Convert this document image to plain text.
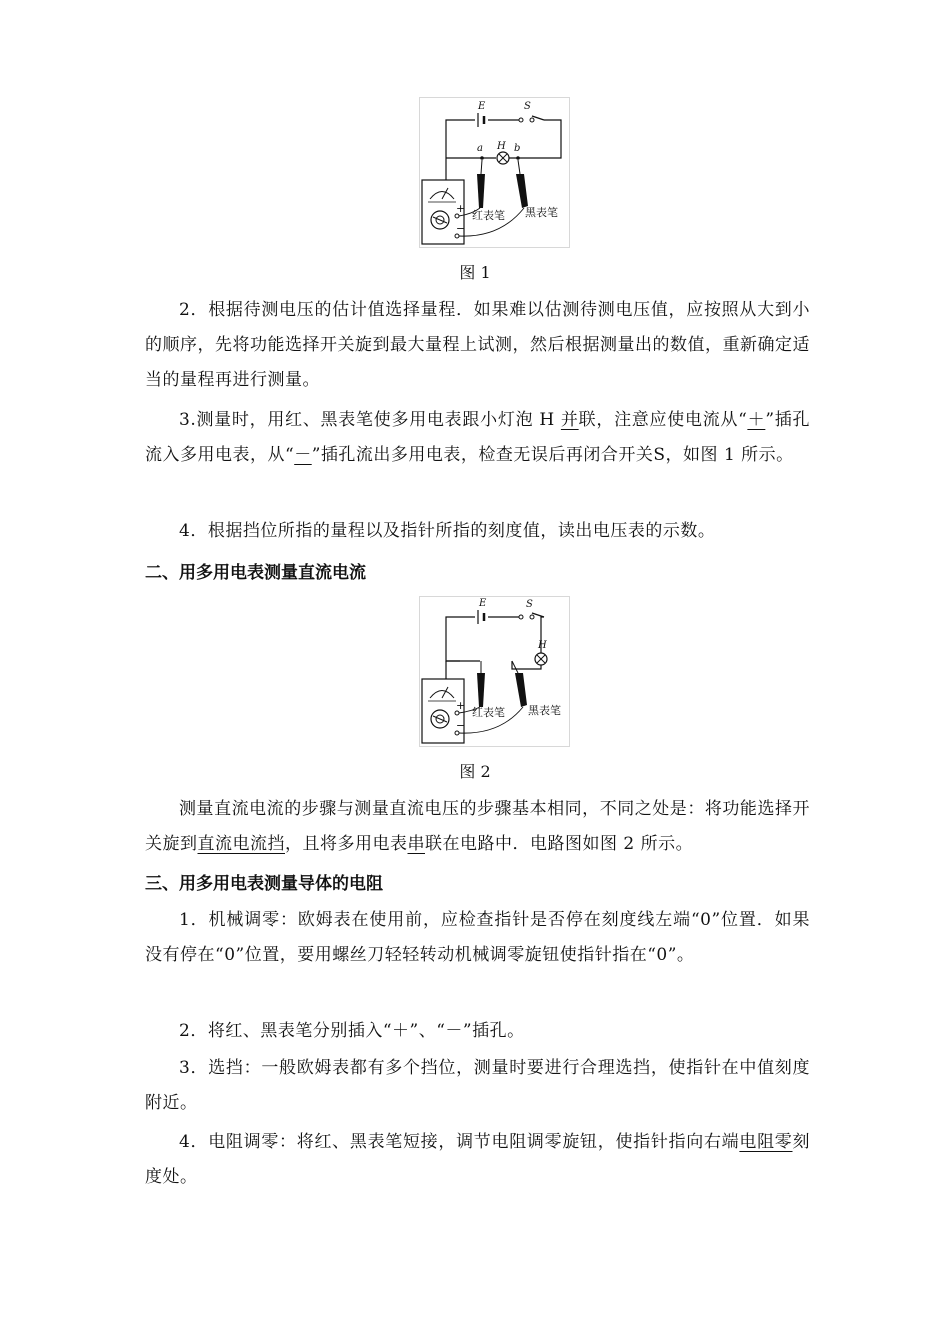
E	S
H
a	b
+
−
红表笔 黑表笔
图 1
2．根据待测电压的估计值选择量程．如果难以估测待测电压值，应按照从大到小的顺序，先将功能选择开关旋到最大量程上试测，然后根据测量出的数值，重新确定适当的量程再进行测量。
3.测量时，用红、黑表笔使多用电表跟小灯泡 H 并联，注意应使电流从“＋”插孔流入多用电表，从“－”插孔流出多用电表，检查无误后再闭合开关S，如图 1 所示。
4．根据挡位所指的量程以及指针所指的刻度值，读出电压表的示数。
二、用多用电表测量直流电流
E	S
H
+
−
红表笔 黑表笔
图 2
测量直流电流的步骤与测量直流电压的步骤基本相同，不同之处是：将功能选择开关旋到直流电流挡，且将多用电表串联在电路中．电路图如图 2 所示。
三、用多用电表测量导体的电阻
1．机械调零：欧姆表在使用前，应检查指针是否停在刻度线左端“0”位置．如果没有停在“0”位置，要用螺丝刀轻轻转动机械调零旋钮使指针指在“0”。
2．将红、黑表笔分别插入“＋”、“－”插孔。
3．选挡：一般欧姆表都有多个挡位，测量时要进行合理选挡，使指针在中值刻度附近。
4．电阻调零：将红、黑表笔短接，调节电阻调零旋钮，使指针指向右端电阻零刻度处。
